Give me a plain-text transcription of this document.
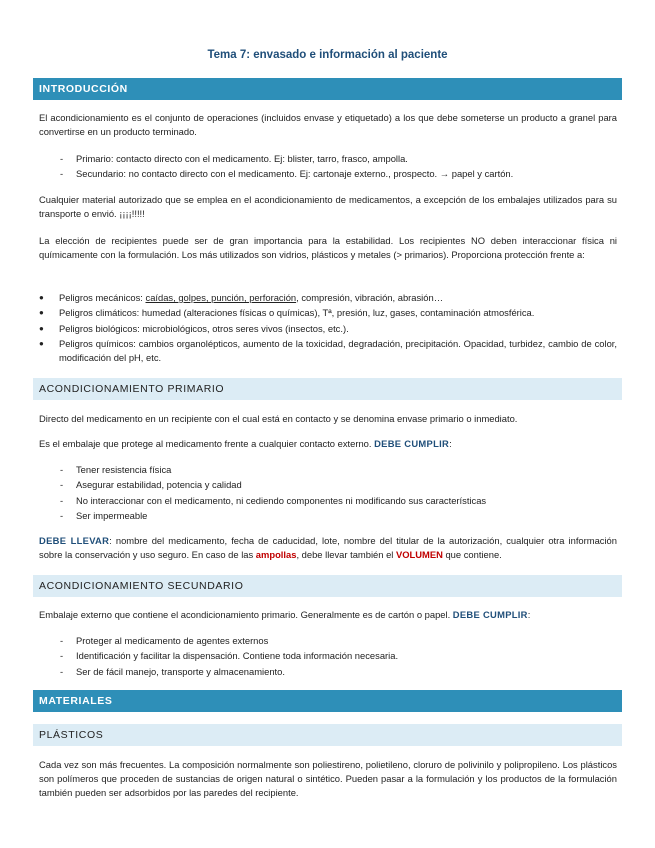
Tema 7: envasado e información al paciente
INTRODUCCIÓN

El acondicionamiento es el conjunto de operaciones (incluidos envase y etiquetado) a los que debe someterse un producto a granel para convertirse en un producto terminado.

- Primario: contacto directo con el medicamento. Ej: blister, tarro, frasco, ampolla.
- Secundario: no contacto directo con el medicamento. Ej: cartonaje externo., prospecto. → papel y cartón.

Cualquier material autorizado que se emplea en el acondicionamiento de medicamentos, a excepción de los embalajes utilizados para su transporte o envió. ¡¡¡¡!!!!!

La elección de recipientes puede ser de gran importancia para la estabilidad. Los recipientes NO deben interaccionar física ni químicamente con la formulación. Los más utilizados son vidrios, plásticos y metales (> primarios). Proporciona protección frente a:

● Peligros mecánicos: caídas, golpes, punción, perforación, compresión, vibración, abrasión…
● Peligros climáticos: humedad (alteraciones físicas o químicas), Tª, presión, luz, gases, contaminación atmosférica.
● Peligros biológicos: microbiológicos, otros seres vivos (insectos, etc.).
● Peligros químicos: cambios organolépticos, aumento de la toxicidad, degradación, precipitación. Opacidad, turbidez, cambio de color, modificación del pH, etc.
ACONDICIONAMIENTO PRIMARIO

Directo del medicamento en un recipiente con el cual está en contacto y se denomina envase primario o inmediato.

Es el embalaje que protege al medicamento frente a cualquier contacto externo. DEBE CUMPLIR:

- Tener resistencia física
- Asegurar estabilidad, potencia y calidad
- No interaccionar con el medicamento, ni cediendo componentes ni modificando sus características
- Ser impermeable

DEBE LLEVAR: nombre del medicamento, fecha de caducidad, lote, nombre del titular de la autorización, cualquier otra información sobre la conservación y uso seguro. En caso de las ampollas, debe llevar también el VOLUMEN que contiene.

ACONDICIONAMIENTO SECUNDARIO

Embalaje externo que contiene el acondicionamiento primario. Generalmente es de cartón o papel. DEBE CUMPLIR:

- Proteger al medicamento de agentes externos
- Identificación y facilitar la dispensación. Contiene toda información necesaria.
- Ser de fácil manejo, transporte y almacenamiento.
MATERIALES
PLÁSTICOS

Cada vez son más frecuentes. La composición normalmente son poliestireno, polietileno, cloruro de polivinilo y polipropileno. Los plásticos son polímeros que proceden de sustancias de origen natural o sintético. Pueden pasar a la formulación y los productos de la formulación también pueden ser adsorbidos por las paredes del recipiente.
